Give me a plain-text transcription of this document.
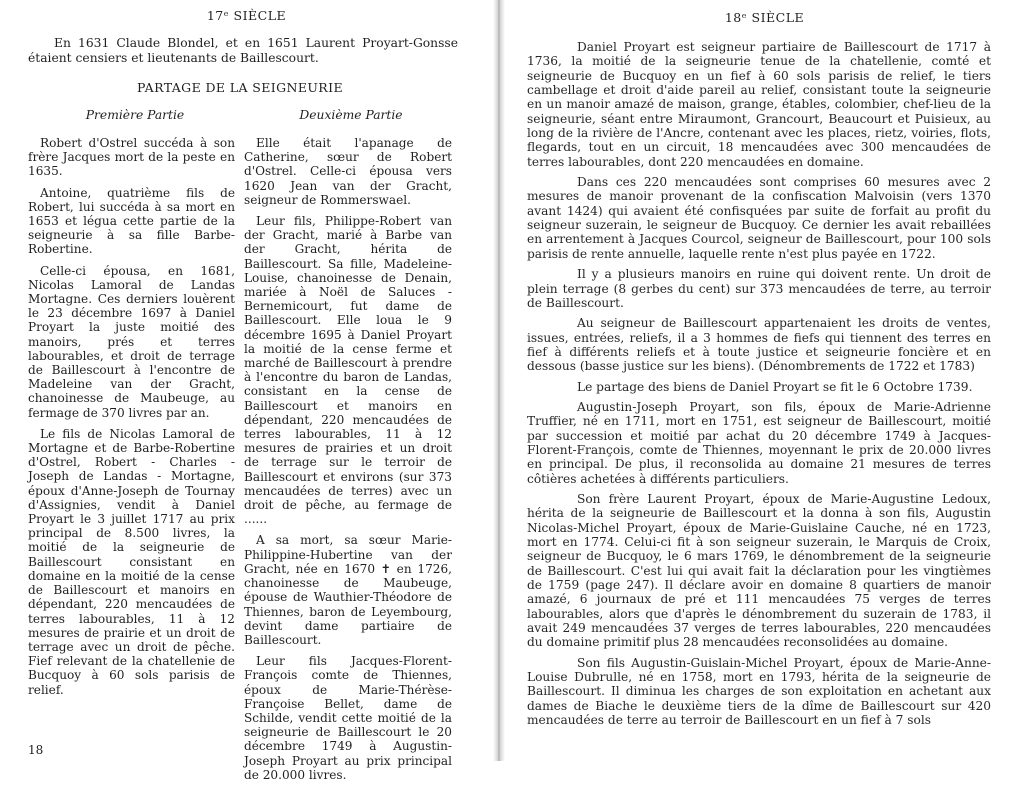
17ᵉ SIÈCLE

En 1631 Claude Blondel, et en 1651 Laurent Proyart-Gonsse étaient censiers et lieutenants de Baillescourt.

PARTAGE DE LA SEIGNEURIE
Première Partie	Deuxième Partie

Robert d'Ostrel succéda à son frère Jacques mort de la peste en 1635.

Antoine, quatrième fils de Robert, lui succéda à sa mort en 1653 et légua cette partie de la seigneurie à sa fille Barbe-Robertine.

Celle-ci épousa, en 1681, Nicolas Lamoral de Landas Mortagne. Ces derniers louèrent le 23 décembre 1697 à Daniel Proyart la juste moitié des manoirs, prés et terres labourables, et droit de terrage de Baillescourt à l'encontre de Madeleine van der Gracht, chanoinesse de Maubeuge, au fermage de 370 livres par an.

Le fils de Nicolas Lamoral de Mortagne et de Barbe-Robertine d'Ostrel, Robert - Charles - Joseph de Landas - Mortagne, époux d'Anne-Joseph de Tournay d'Assignies, vendit à Daniel Proyart le 3 juillet 1717 au prix principal de 8.500 livres, la moitié de la seigneurie de Baillescourt consistant en domaine en la moitié de la cense de Baillescourt et manoirs en dépendant, 220 mencaudées de terres labourables, 11 à 12 mesures de prairie et un droit de terrage avec un droit de pêche. Fief relevant de la chatellenie de Bucquoy à 60 sols parisis de relief.

Elle était l'apanage de Catherine, sœur de Robert d'Ostrel. Celle-ci épousa vers 1620 Jean van der Gracht, seigneur de Rommerswael.

Leur fils, Philippe-Robert van der Gracht, marié à Barbe van der Gracht, hérita de Baillescourt. Sa fille, Madeleine-Louise, chanoinesse de Denain, mariée à Noël de Saluces - Bernemicourt, fut dame de Baillescourt. Elle loua le 9 décembre 1695 à Daniel Proyart la moitié de la cense ferme et marché de Baillescourt à prendre à l'encontre du baron de Landas, consistant en la cense de Baillescourt et manoirs en dépendant, 220 mencaudées de terres labourables, 11 à 12 mesures de prairies et un droit de terrage sur le terroir de Baillescourt et environs (sur 373 mencaudées de terres) avec un droit de pêche, au fermage de ......

A sa mort, sa sœur Marie-Philippine-Hubertine van der Gracht, née en 1670 ✝ en 1726, chanoinesse de Maubeuge, épouse de Wauthier-Théodore de Thiennes, baron de Leyembourg, devint dame partiaire de Baillescourt.

Leur fils Jacques-Florent-François comte de Thiennes, époux de Marie-Thérèse-Françoise Bellet, dame de Schilde, vendit cette moitié de la seigneurie de Baillescourt le 20 décembre 1749 à Augustin-Joseph Proyart au prix principal de 20.000 livres.

18
18ᵉ SIÈCLE

Daniel Proyart est seigneur partiaire de Baillescourt de 1717 à 1736, la moitié de la seigneurie tenue de la chatellenie, comté et seigneurie de Bucquoy en un fief à 60 sols parisis de relief, le tiers cambellage et droit d'aide pareil au relief, consistant toute la seigneurie en un manoir amazé de maison, grange, étables, colombier, chef-lieu de la seigneurie, séant entre Miraumont, Grancourt, Beaucourt et Puisieux, au long de la rivière de l'Ancre, contenant avec les places, rietz, voiries, flots, flegards, tout en un circuit, 18 mencaudées avec 300 mencaudées de terres labourables, dont 220 mencaudées en domaine.

Dans ces 220 mencaudées sont comprises 60 mesures avec 2 mesures de manoir provenant de la confiscation Malvoisin (vers 1370 avant 1424) qui avaient été confisquées par suite de forfait au profit du seigneur suzerain, le seigneur de Bucquoy. Ce dernier les avait rebaillées en arrentement à Jacques Courcol, seigneur de Baillescourt, pour 100 sols parisis de rente annuelle, laquelle rente n'est plus payée en 1722.

Il y a plusieurs manoirs en ruine qui doivent rente. Un droit de plein terrage (8 gerbes du cent) sur 373 mencaudées de terre, au terroir de Baillescourt.

Au seigneur de Baillescourt appartenaient les droits de ventes, issues, entrées, reliefs, il a 3 hommes de fiefs qui tiennent des terres en fief à différents reliefs et à toute justice et seigneurie foncière et en dessous (basse justice sur les biens). (Dénombrements de 1722 et 1783)

Le partage des biens de Daniel Proyart se fit le 6 Octobre 1739.

Augustin-Joseph Proyart, son fils, époux de Marie-Adrienne Truffier, né en 1711, mort en 1751, est seigneur de Baillescourt, moitié par succession et moitié par achat du 20 décembre 1749 à Jacques-Florent-François, comte de Thiennes, moyennant le prix de 20.000 livres en principal. De plus, il reconsolida au domaine 21 mesures de terres côtières achetées à différents particuliers.

Son frère Laurent Proyart, époux de Marie-Augustine Ledoux, hérita de la seigneurie de Baillescourt et la donna à son fils, Augustin Nicolas-Michel Proyart, époux de Marie-Guislaine Cauche, né en 1723, mort en 1774. Celui-ci fit à son seigneur suzerain, le Marquis de Croix, seigneur de Bucquoy, le 6 mars 1769, le dénombrement de la seigneurie de Baillescourt. C'est lui qui avait fait la déclaration pour les vingtièmes de 1759 (page 247). Il déclare avoir en domaine 8 quartiers de manoir amazé, 6 journaux de pré et 111 mencaudées 75 verges de terres labourables, alors que d'après le dénombrement du suzerain de 1783, il avait 249 mencaudées 37 verges de terres labourables, 220 mencaudées du domaine primitif plus 28 mencaudées reconsolidées au domaine.

Son fils Augustin-Guislain-Michel Proyart, époux de Marie-Anne-Louise Dubrulle, né en 1758, mort en 1793, hérita de la seigneurie de Baillescourt. Il diminua les charges de son exploitation en achetant aux dames de Biache le deuxième tiers de la dîme de Baillescourt sur 420 mencaudées de terre au terroir de Baillescourt en un fief à 7 sols
